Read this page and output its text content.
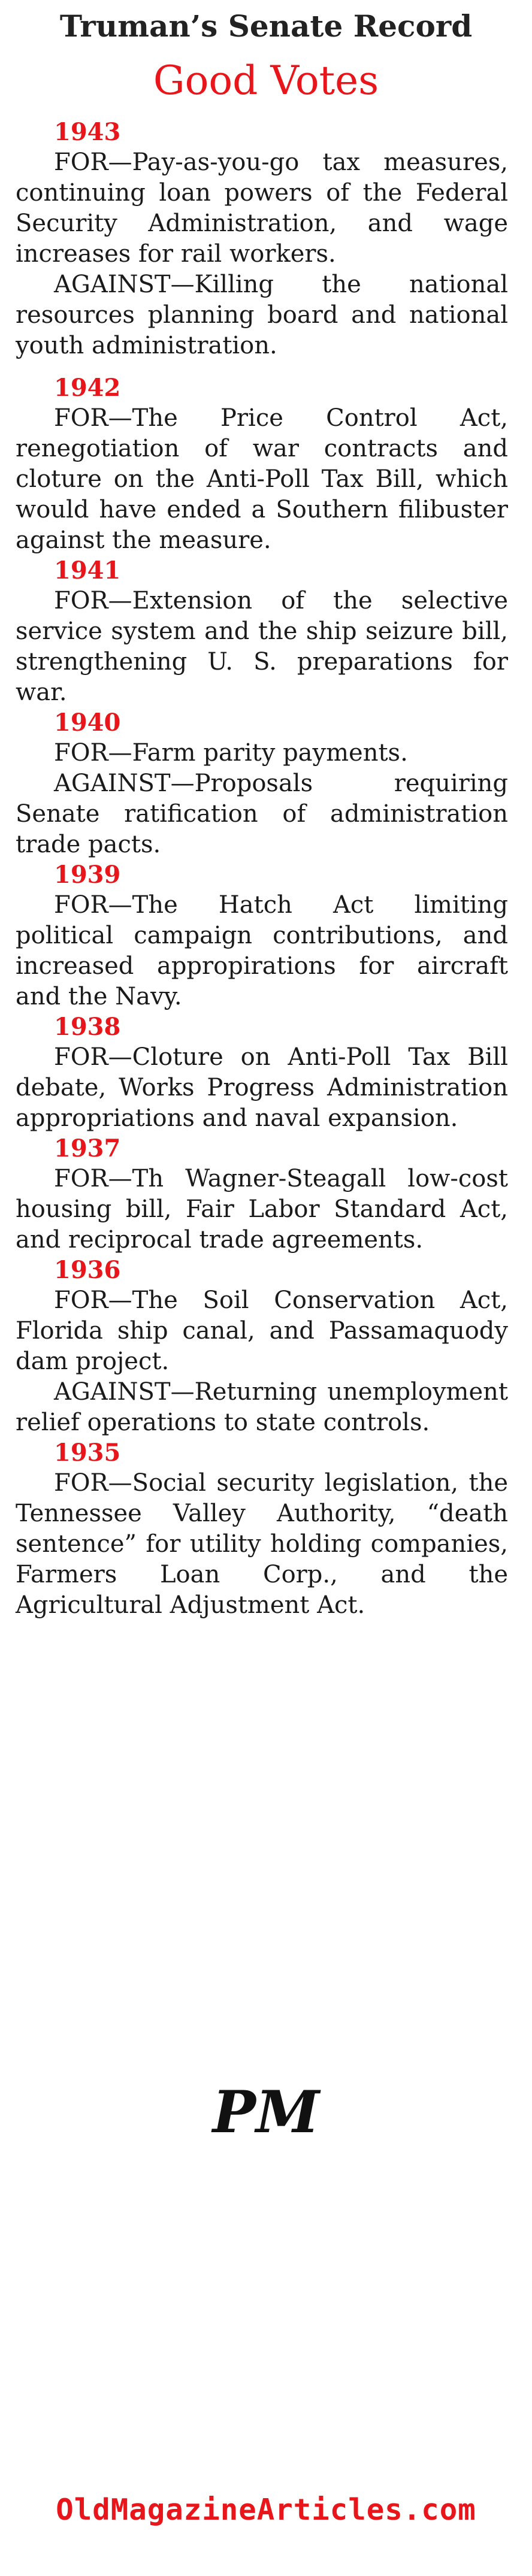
Truman’s Senate Record
Good Votes
1943

FOR—Pay-as-you-go tax measures, continuing loan powers of the Federal Security Administration, and wage increases for rail workers.

AGAINST—Killing the national resources planning board and national youth administration.

1942

FOR—The Price Control Act, renegotiation of war contracts and cloture on the Anti-Poll Tax Bill, which would have ended a Southern filibuster against the measure.

1941

FOR—Extension of the selective service system and the ship seizure bill, strengthening U. S. preparations for war.

1940

FOR—Farm parity payments.

AGAINST—Proposals requiring Senate ratification of administration trade pacts.

1939

FOR—The Hatch Act limiting political campaign contributions, and increased appropirations for aircraft and the Navy.

1938

FOR—Cloture on Anti-Poll Tax Bill debate, Works Progress Administration appropriations and naval expansion.

1937

FOR—Th Wagner-Steagall low-cost housing bill, Fair Labor Standard Act, and reciprocal trade agreements.

1936

FOR—The Soil Conservation Act, Florida ship canal, and Passamaquody dam project.

AGAINST—Returning unemployment relief operations to state controls.

1935

FOR—Social security legislation, the Tennessee Valley Authority, “death sentence” for utility holding companies, Farmers Loan Corp., and the Agricultural Adjustment Act.

PM
OldMagazineArticles.com
